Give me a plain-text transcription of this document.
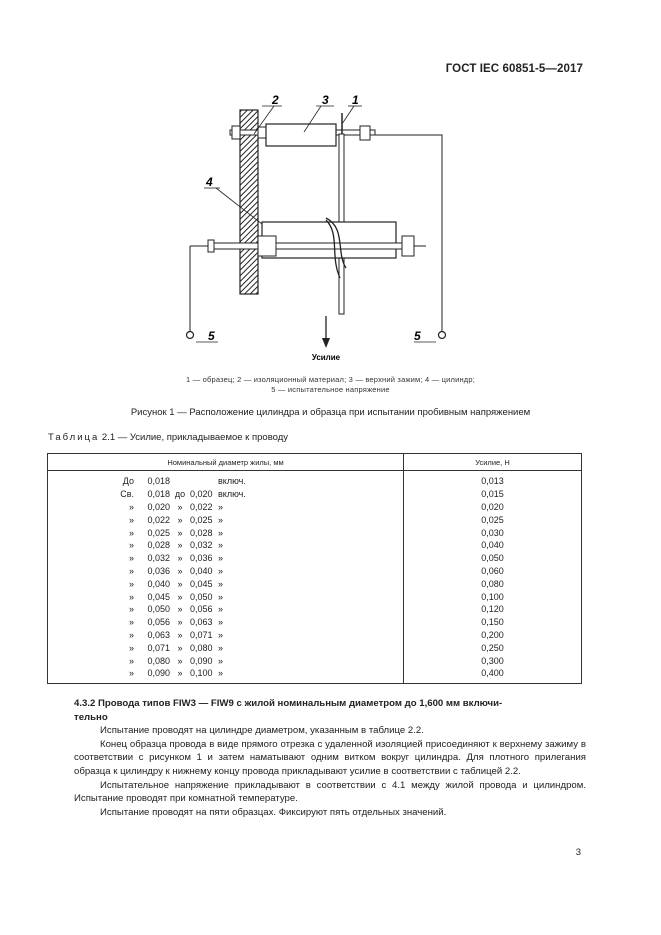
ГОСТ IEC 60851-5—2017
Усилие
2	3 1
4
5	5
1 — образец; 2 — изоляционный материал; 3 — верхний зажим; 4 — цилиндр;
5 — испытательное напряжение
Рисунок 1 — Расположение цилиндра и образца при испытании пробивным напряжением
Таблица 2.1 — Усилие, прикладываемое к проводу
Номинальный диаметр жилы, мм	Усилие, Н
До 0,018 включ.	0,013
Св. 0,018 до 0,020 включ.	0,015
» 0,020 » 0,022 »	0,020
» 0,022 » 0,025 »	0,025
» 0,025 » 0,028 »	0,030
» 0,028 » 0,032 »	0,040
» 0,032 » 0,036 »	0,050
» 0,036 » 0,040 »	0,060
» 0,040 » 0,045 »	0,080
» 0,045 » 0,050 »	0,100
» 0,050 » 0,056 »	0,120
» 0,056 » 0,063 »	0,150
» 0,063 » 0,071 »	0,200
» 0,071 » 0,080 »	0,250
» 0,080 » 0,090 »	0,300
» 0,090 » 0,100 »	0,400

4.3.2 Провода типов FIW3 — FIW9 с жилой номинальным диаметром до 1,600 мм включи-

тельно

Испытание проводят на цилиндре диаметром, указанным в таблице 2.2.

Конец образца провода в виде прямого отрезка с удаленной изоляцией присоединяют к верхнему зажиму в соответствии с рисунком 1 и затем наматывают одним витком вокруг цилиндра. Для плотного прилегания образца к цилиндру к нижнему концу провода прикладывают усилие в соответствии с таблицей 2.2.

Испытательное напряжение прикладывают в соответствии с 4.1 между жилой провода и цилиндром. Испытание проводят при комнатной температуре.

Испытание проводят на пяти образцах. Фиксируют пять отдельных значений.

3
